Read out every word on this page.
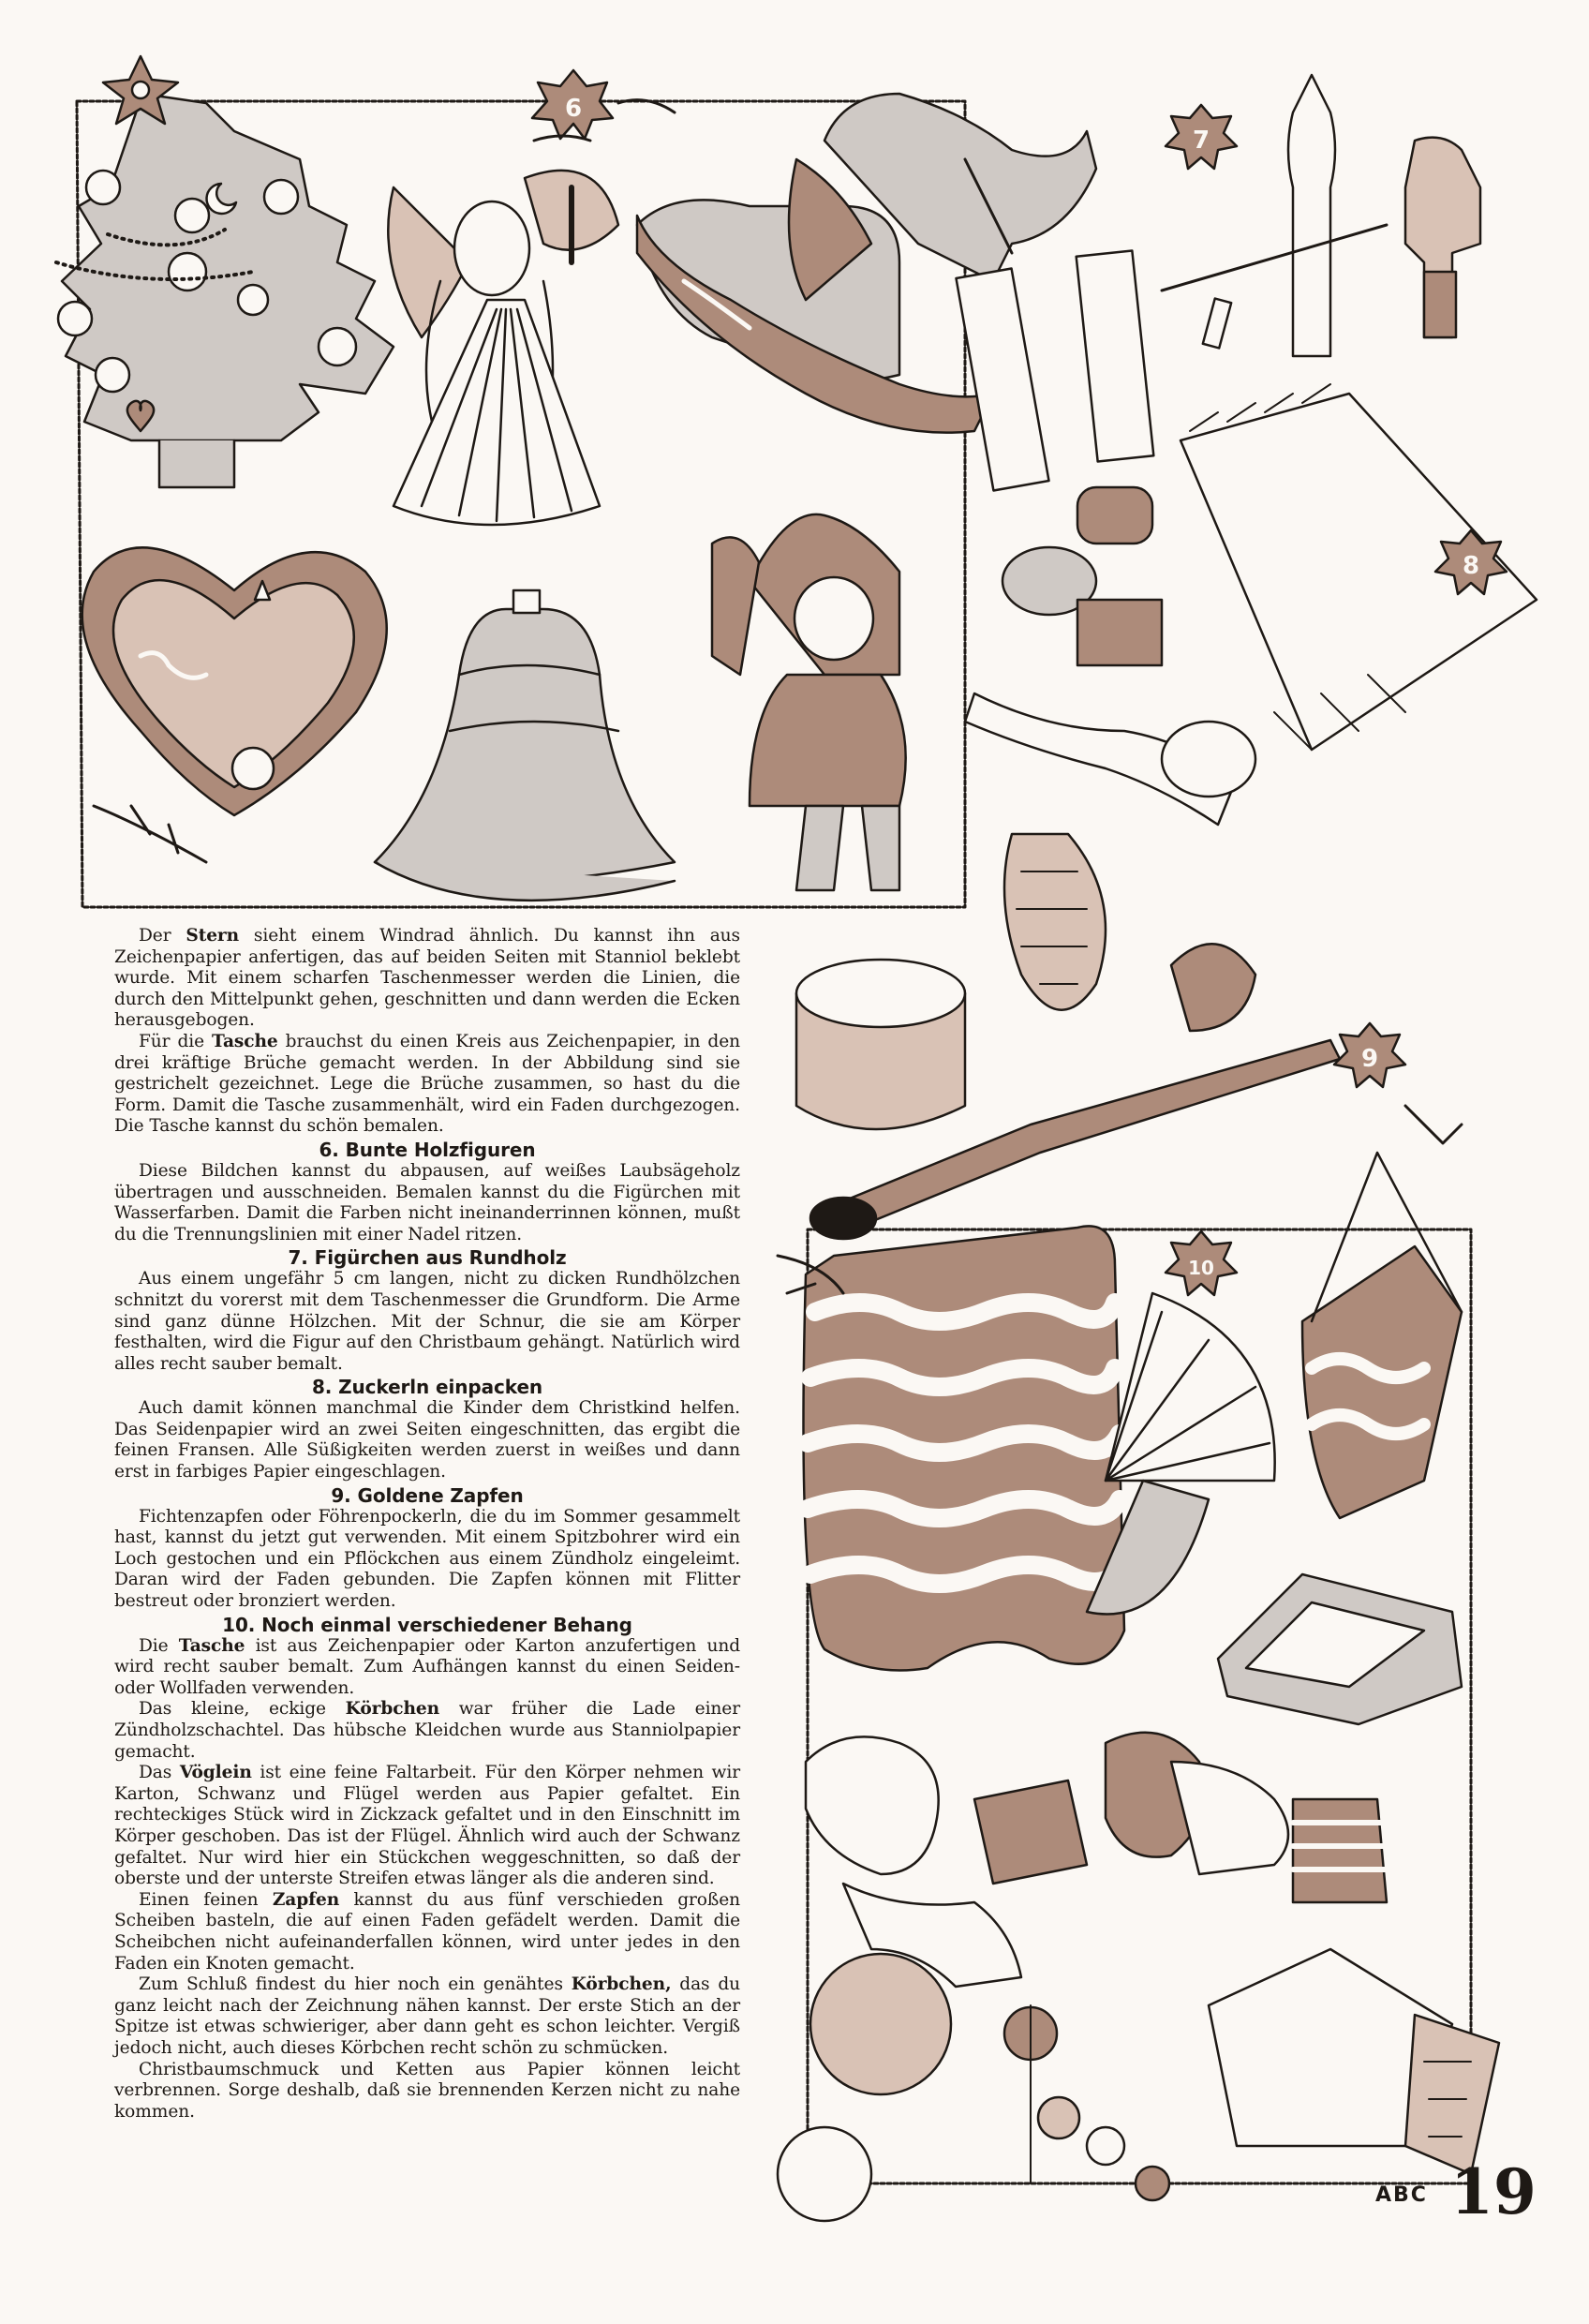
6
7
8
9
10

Der Stern sieht einem Windrad ähnlich. Du kannst ihn aus Zeichenpapier anfertigen, das auf beiden Seiten mit Stanniol beklebt wurde. Mit einem scharfen Taschenmesser werden die Linien, die durch den Mittelpunkt gehen, geschnitten und dann werden die Ecken herausgebogen.

Für die Tasche brauchst du einen Kreis aus Zeichenpapier, in den drei kräftige Brüche gemacht werden. In der Abbildung sind sie gestrichelt gezeichnet. Lege die Brüche zusammen, so hast du die Form. Damit die Tasche zusammenhält, wird ein Faden durchgezogen. Die Tasche kannst du schön bemalen.

6. Bunte Holzfiguren

Diese Bildchen kannst du abpausen, auf weißes Laubsägeholz übertragen und ausschneiden. Bemalen kannst du die Figürchen mit Wasserfarben. Damit die Farben nicht ineinanderrinnen können, mußt du die Trennungslinien mit einer Nadel ritzen.

7. Figürchen aus Rundholz

Aus einem ungefähr 5 cm langen, nicht zu dicken Rundhölzchen schnitzt du vorerst mit dem Taschenmesser die Grundform. Die Arme sind ganz dünne Hölzchen. Mit der Schnur, die sie am Körper festhalten, wird die Figur auf den Christbaum gehängt. Natürlich wird alles recht sauber bemalt.

8. Zuckerln einpacken

Auch damit können manchmal die Kinder dem Christkind helfen. Das Seidenpapier wird an zwei Seiten eingeschnitten, das ergibt die feinen Fransen. Alle Süßigkeiten werden zuerst in weißes und dann erst in farbiges Papier eingeschlagen.

9. Goldene Zapfen

Fichtenzapfen oder Föhrenpockerln, die du im Sommer gesammelt hast, kannst du jetzt gut verwenden. Mit einem Spitzbohrer wird ein Loch gestochen und ein Pflöckchen aus einem Zündholz eingeleimt. Daran wird der Faden gebunden. Die Zapfen können mit Flitter bestreut oder bronziert werden.

10. Noch einmal verschiedener Behang

Die Tasche ist aus Zeichenpapier oder Karton anzufertigen und wird recht sauber bemalt. Zum Aufhängen kannst du einen Seiden- oder Wollfaden verwenden.

Das kleine, eckige Körbchen war früher die Lade einer Zündholzschachtel. Das hübsche Kleidchen wurde aus Stanniolpapier gemacht.

Das Vöglein ist eine feine Faltarbeit. Für den Körper nehmen wir Karton, Schwanz und Flügel werden aus Papier gefaltet. Ein rechteckiges Stück wird in Zickzack gefaltet und in den Einschnitt im Körper geschoben. Das ist der Flügel. Ähnlich wird auch der Schwanz gefaltet. Nur wird hier ein Stückchen weggeschnitten, so daß der oberste und der unterste Streifen etwas länger als die anderen sind.

Einen feinen Zapfen kannst du aus fünf verschieden großen Scheiben basteln, die auf einen Faden gefädelt werden. Damit die Scheibchen nicht aufeinanderfallen können, wird unter jedes in den Faden ein Knoten gemacht.

Zum Schluß findest du hier noch ein genähtes Körbchen, das du ganz leicht nach der Zeichnung nähen kannst. Der erste Stich an der Spitze ist etwas schwieriger, aber dann geht es schon leichter. Vergiß jedoch nicht, auch dieses Körbchen recht schön zu schmücken.

Christbaumschmuck und Ketten aus Papier können leicht verbrennen. Sorge deshalb, daß sie brennenden Kerzen nicht zu nahe kommen.

ABC 19
